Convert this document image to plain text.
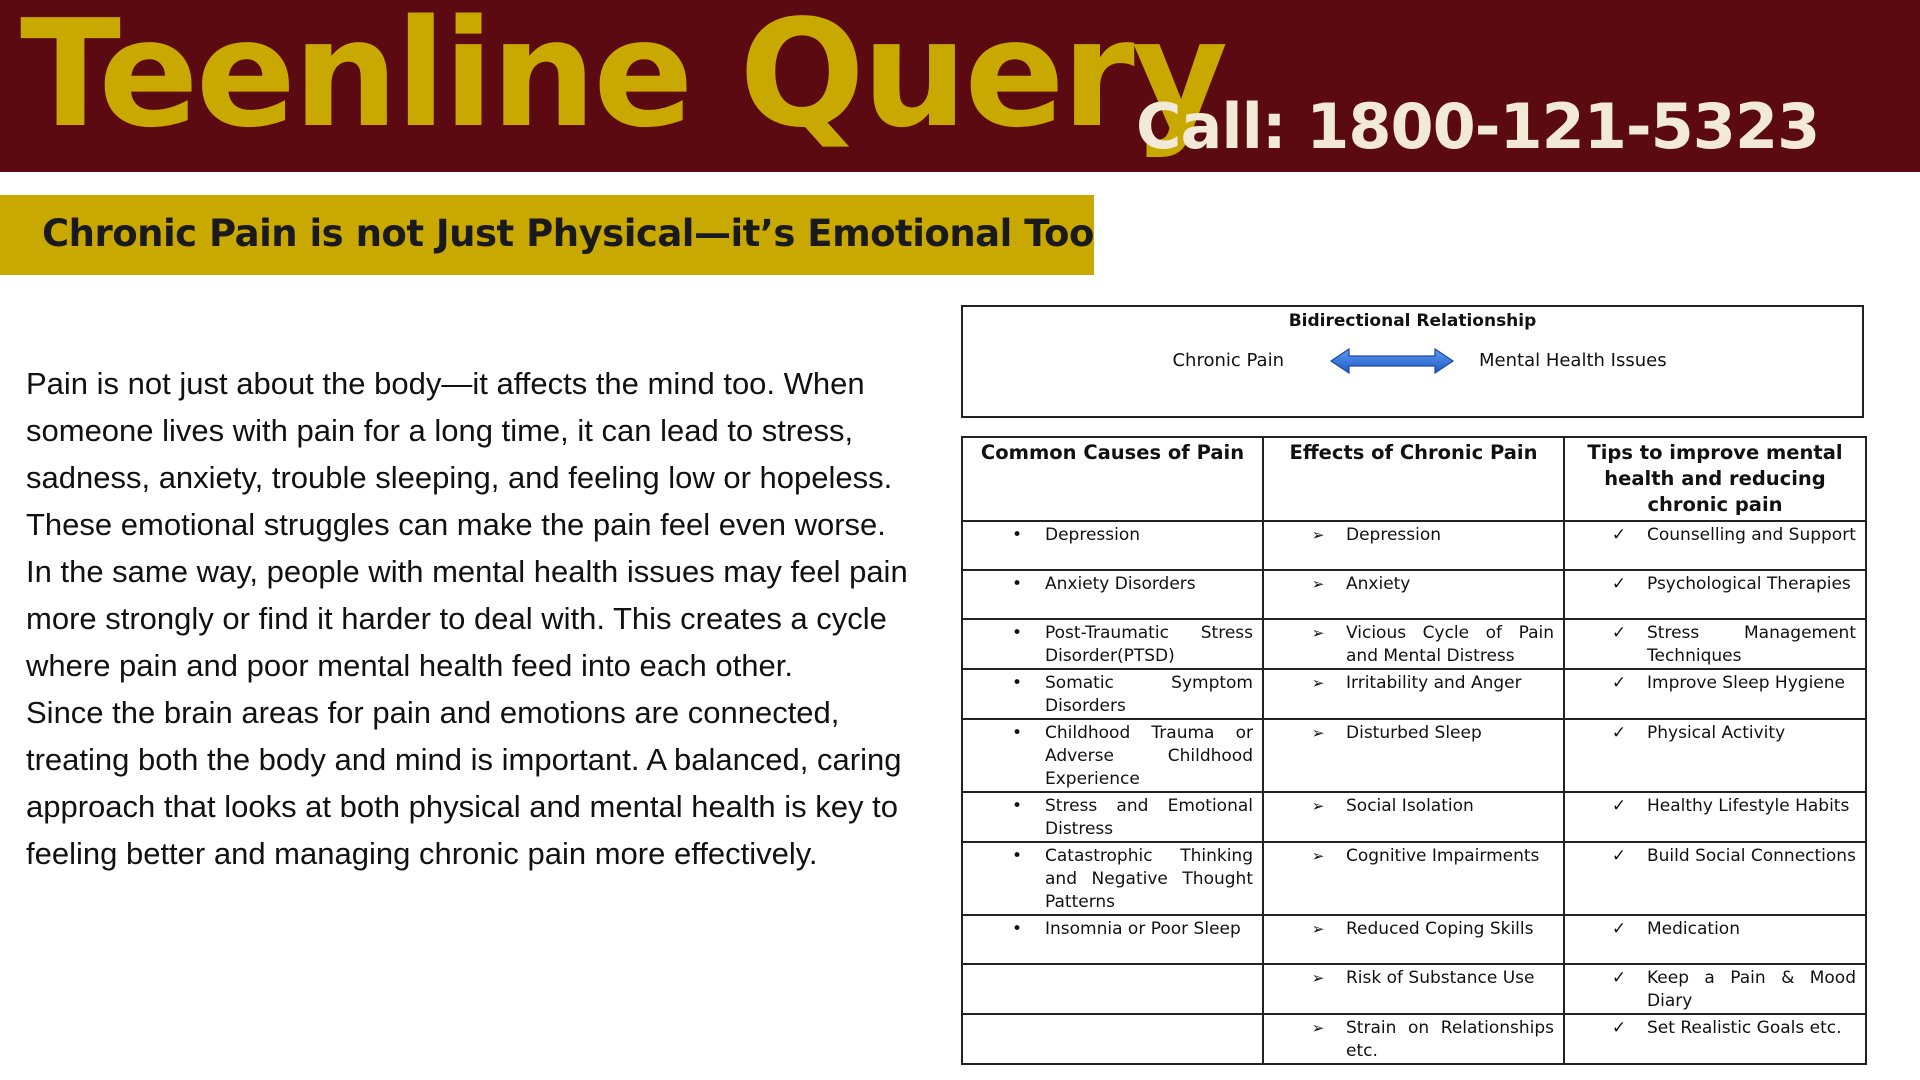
Teenline Query
Call: 1800-121-5323
Chronic Pain is not Just Physical—it’s Emotional Too

Pain is not just about the body—it affects the mind too. When someone lives with pain for a long time, it can lead to stress, sadness, anxiety, trouble sleeping, and feeling low or hopeless. These emotional struggles can make the pain feel even worse.

In the same way, people with mental health issues may feel pain more strongly or find it harder to deal with. This creates a cycle where pain and poor mental health feed into each other.

Since the brain areas for pain and emotions are connected, treating both the body and mind is important. A balanced, caring approach that looks at both physical and mental health is key to feeling better and managing chronic pain more effectively.

Bidirectional Relationship
Chronic Pain	Mental Health Issues
Common Causes of Pain	Effects of Chronic Pain	Tips to improve mental health and reducing chronic pain

• Depression	➢ Depression	✓ Counselling and Support

• Anxiety Disorders	➢ Anxiety	✓ Psychological Therapies

• Post-Traumatic Stress Disorder(PTSD)	➢ Vicious Cycle of Pain and Mental Distress	✓ Stress Management Techniques

• Somatic Symptom Disorders	➢ Irritability and Anger	✓ Improve Sleep Hygiene

• Childhood Trauma or Adverse Childhood Experience	➢ Disturbed Sleep	✓ Physical Activity

• Stress and Emotional Distress	➢ Social Isolation	✓ Healthy Lifestyle Habits

• Catastrophic Thinking and Negative Thought Patterns	➢ Cognitive Impairments	✓ Build Social Connections

• Insomnia or Poor Sleep	➢ Reduced Coping Skills	✓ Medication

	➢ Risk of Substance Use	✓ Keep a Pain & Mood Diary

	➢ Strain on Relationships etc.	✓ Set Realistic Goals etc.
